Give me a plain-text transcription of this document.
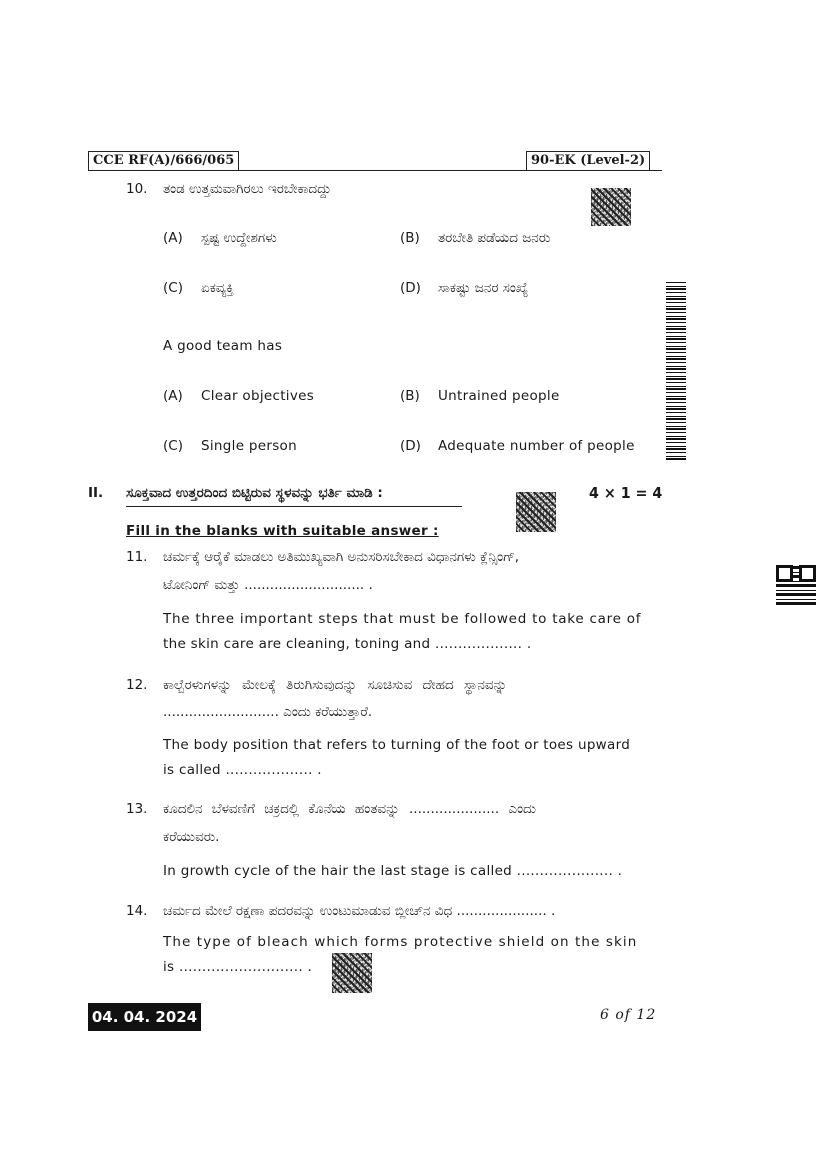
CCE RF(A)/666/065	90-EK (Level-2)
10. ತಂಡ ಉತ್ತಮವಾಗಿರಲು ಇರಬೇಕಾದದ್ದು
(A) ಸ್ಪಷ್ಟ ಉದ್ದೇಶಗಳು	(B) ತರಬೇತಿ ಪಡೆಯದ ಜನರು
(C) ಏಕವ್ಯಕ್ತಿ	(D) ಸಾಕಷ್ಟು ಜನರ ಸಂಖ್ಯೆ
A good team has
(A) Clear objectives	(B) Untrained people
(C) Single person	(D) Adequate number of people
II. ಸೂಕ್ತವಾದ ಉತ್ತರದಿಂದ ಬಿಟ್ಟಿರುವ ಸ್ಥಳವನ್ನು ಭರ್ತಿ ಮಾಡಿ :	4 × 1 = 4
Fill in the blanks with suitable answer :
11. ಚರ್ಮಕ್ಕೆ ಆರೈಕೆ ಮಾಡಲು ಅತಿಮುಖ್ಯವಾಗಿ ಅನುಸರಿಸಬೇಕಾದ ವಿಧಾನಗಳು ಕ್ಲೆನ್ಸಿಂಗ್,
ಟೋನಿಂಗ್ ಮತ್ತು ............................ .
The three important steps that must be followed to take care of
the skin care are cleaning, toning and ................... .
12. ಕಾಲ್ಬೆರಳುಗಳನ್ನು ಮೇಲಕ್ಕೆ ತಿರುಗಿಸುವುದನ್ನು ಸೂಚಿಸುವ ದೇಹದ ಸ್ಥಾನವನ್ನು
........................... ಎಂದು ಕರೆಯುತ್ತಾರೆ.
The body position that refers to turning of the foot or toes upward
is called ................... .
13. ಕೂದಲಿನ ಬೆಳವಣಿಗೆ ಚಕ್ರದಲ್ಲಿ ಕೊನೆಯ ಹಂತವನ್ನು ..................... ಎಂದು
ಕರೆಯುವರು.
In growth cycle of the hair the last stage is called ..................... .
14. ಚರ್ಮದ ಮೇಲೆ ರಕ್ಷಣಾ ಪದರವನ್ನು ಉಂಟುಮಾಡುವ ಬ್ಲೀಚ್‌ನ ವಿಧ ..................... .
The type of bleach which forms protective shield on the skin
is ........................... .
04. 04. 2024	6 of 12
